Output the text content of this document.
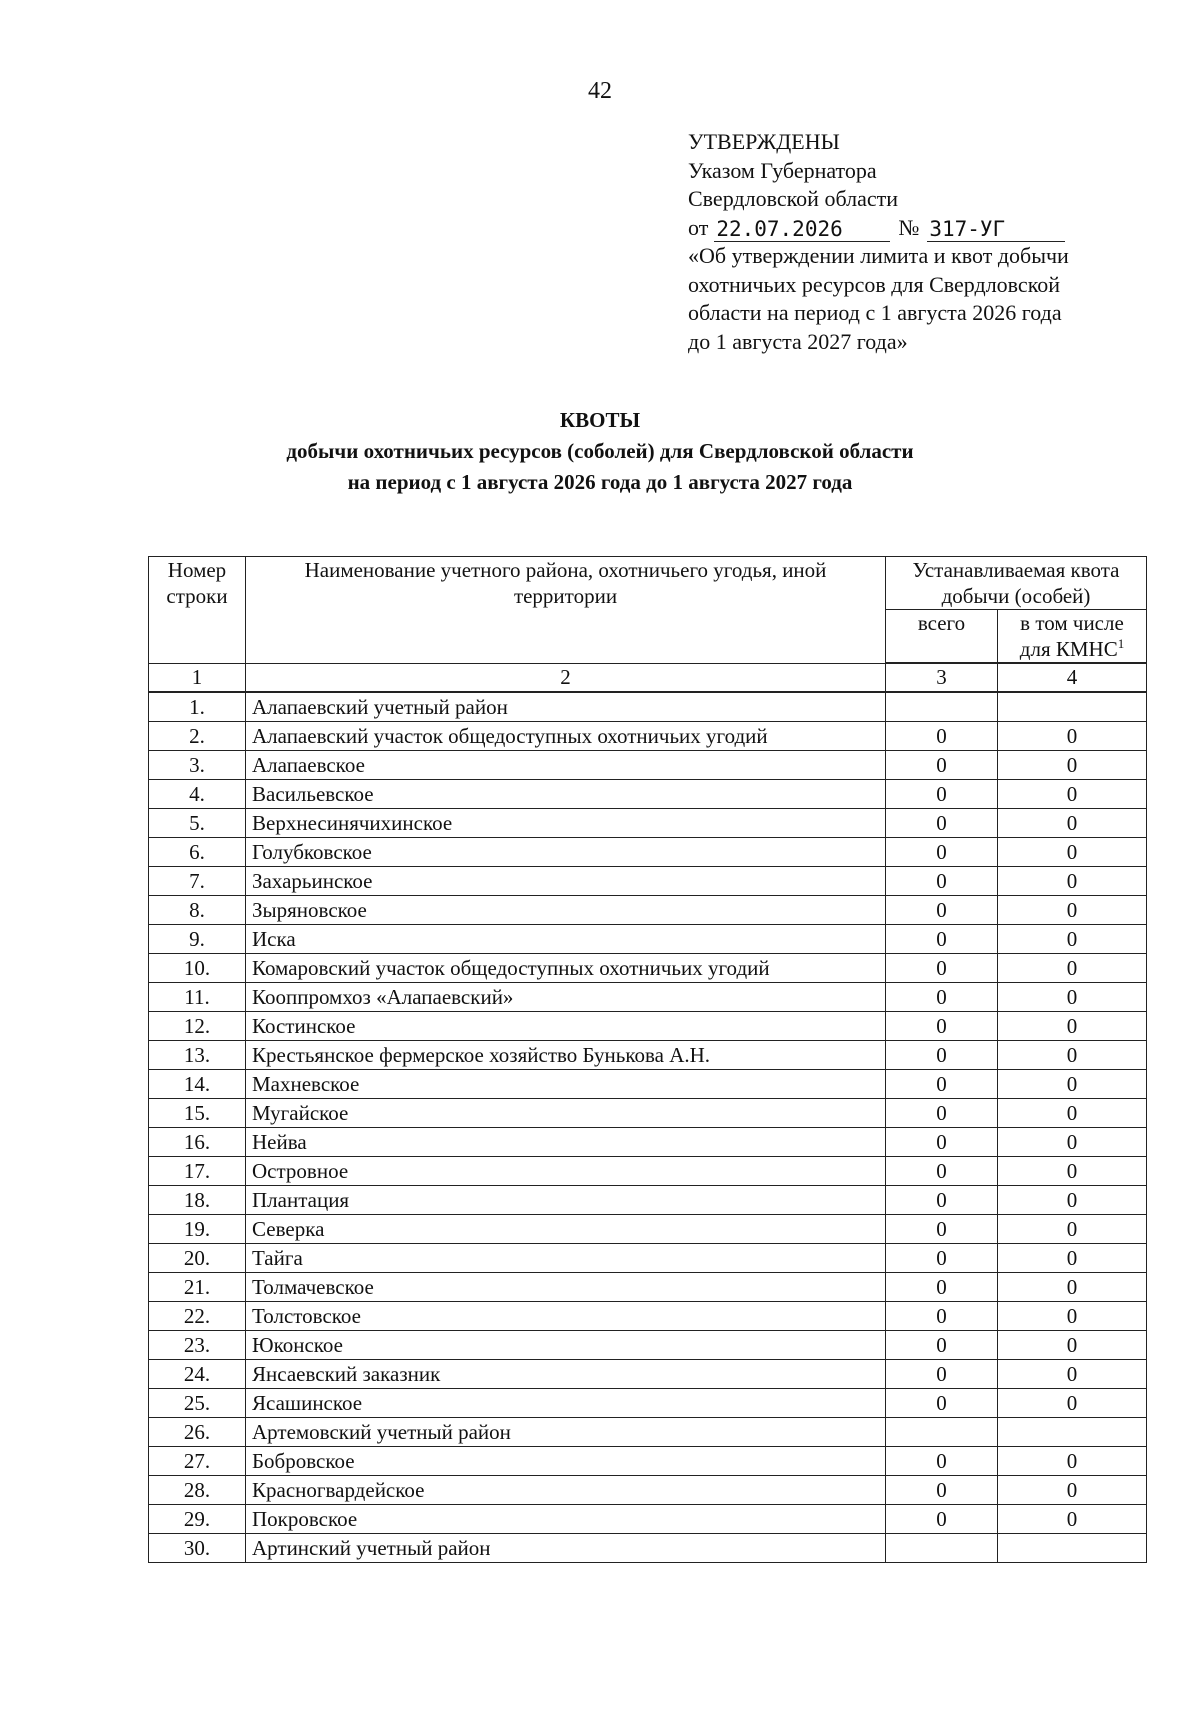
42
УТВЕРЖДЕНЫ
Указом Губернатора
Свердловской области
от 22.07.2026	№ 317-УГ
«Об утверждении лимита и квот добычи
охотничьих ресурсов для Свердловской
области на период с 1 августа 2026 года
до 1 августа 2027 года»
КВОТЫ
добычи охотничьих ресурсов (соболей) для Свердловской области
на период с 1 августа 2026 года до 1 августа 2027 года
Номер строки	Наименование учетного района, охотничьего угодья, иной территории	Устанавливаемая квота добычи (особей)	
		всего	в том числе для КМНС$^1$
1	2	3	4
1.	Алапаевский учетный район		
2.	Алапаевский участок общедоступных охотничьих угодий	0	0
3.	Алапаевское	0	0
4.	Васильевское	0	0
5.	Верхнесинячихинское	0	0
6.	Голубковское	0	0
7.	Захарьинское	0	0
8.	Зыряновское	0	0
9.	Иска	0	0
10.	Комаровский участок общедоступных охотничьих угодий	0	0
11.	Кооппромхоз «Алапаевский»	0	0
12.	Костинское	0	0
13.	Крестьянское фермерское хозяйство Бунькова А.Н.	0	0
14.	Махневское	0	0
15.	Мугайское	0	0
16.	Нейва	0	0
17.	Островное	0	0
18.	Плантация	0	0
19.	Северка	0	0
20.	Тайга	0	0
21.	Толмачевское	0	0
22.	Толстовское	0	0
23.	Юконское	0	0
24.	Янсаевский заказник	0	0
25.	Ясашинское	0	0
26.	Артемовский учетный район		
27.	Бобровское	0	0
28.	Красногвардейское	0	0
29.	Покровское	0	0
30.	Артинский учетный район		
